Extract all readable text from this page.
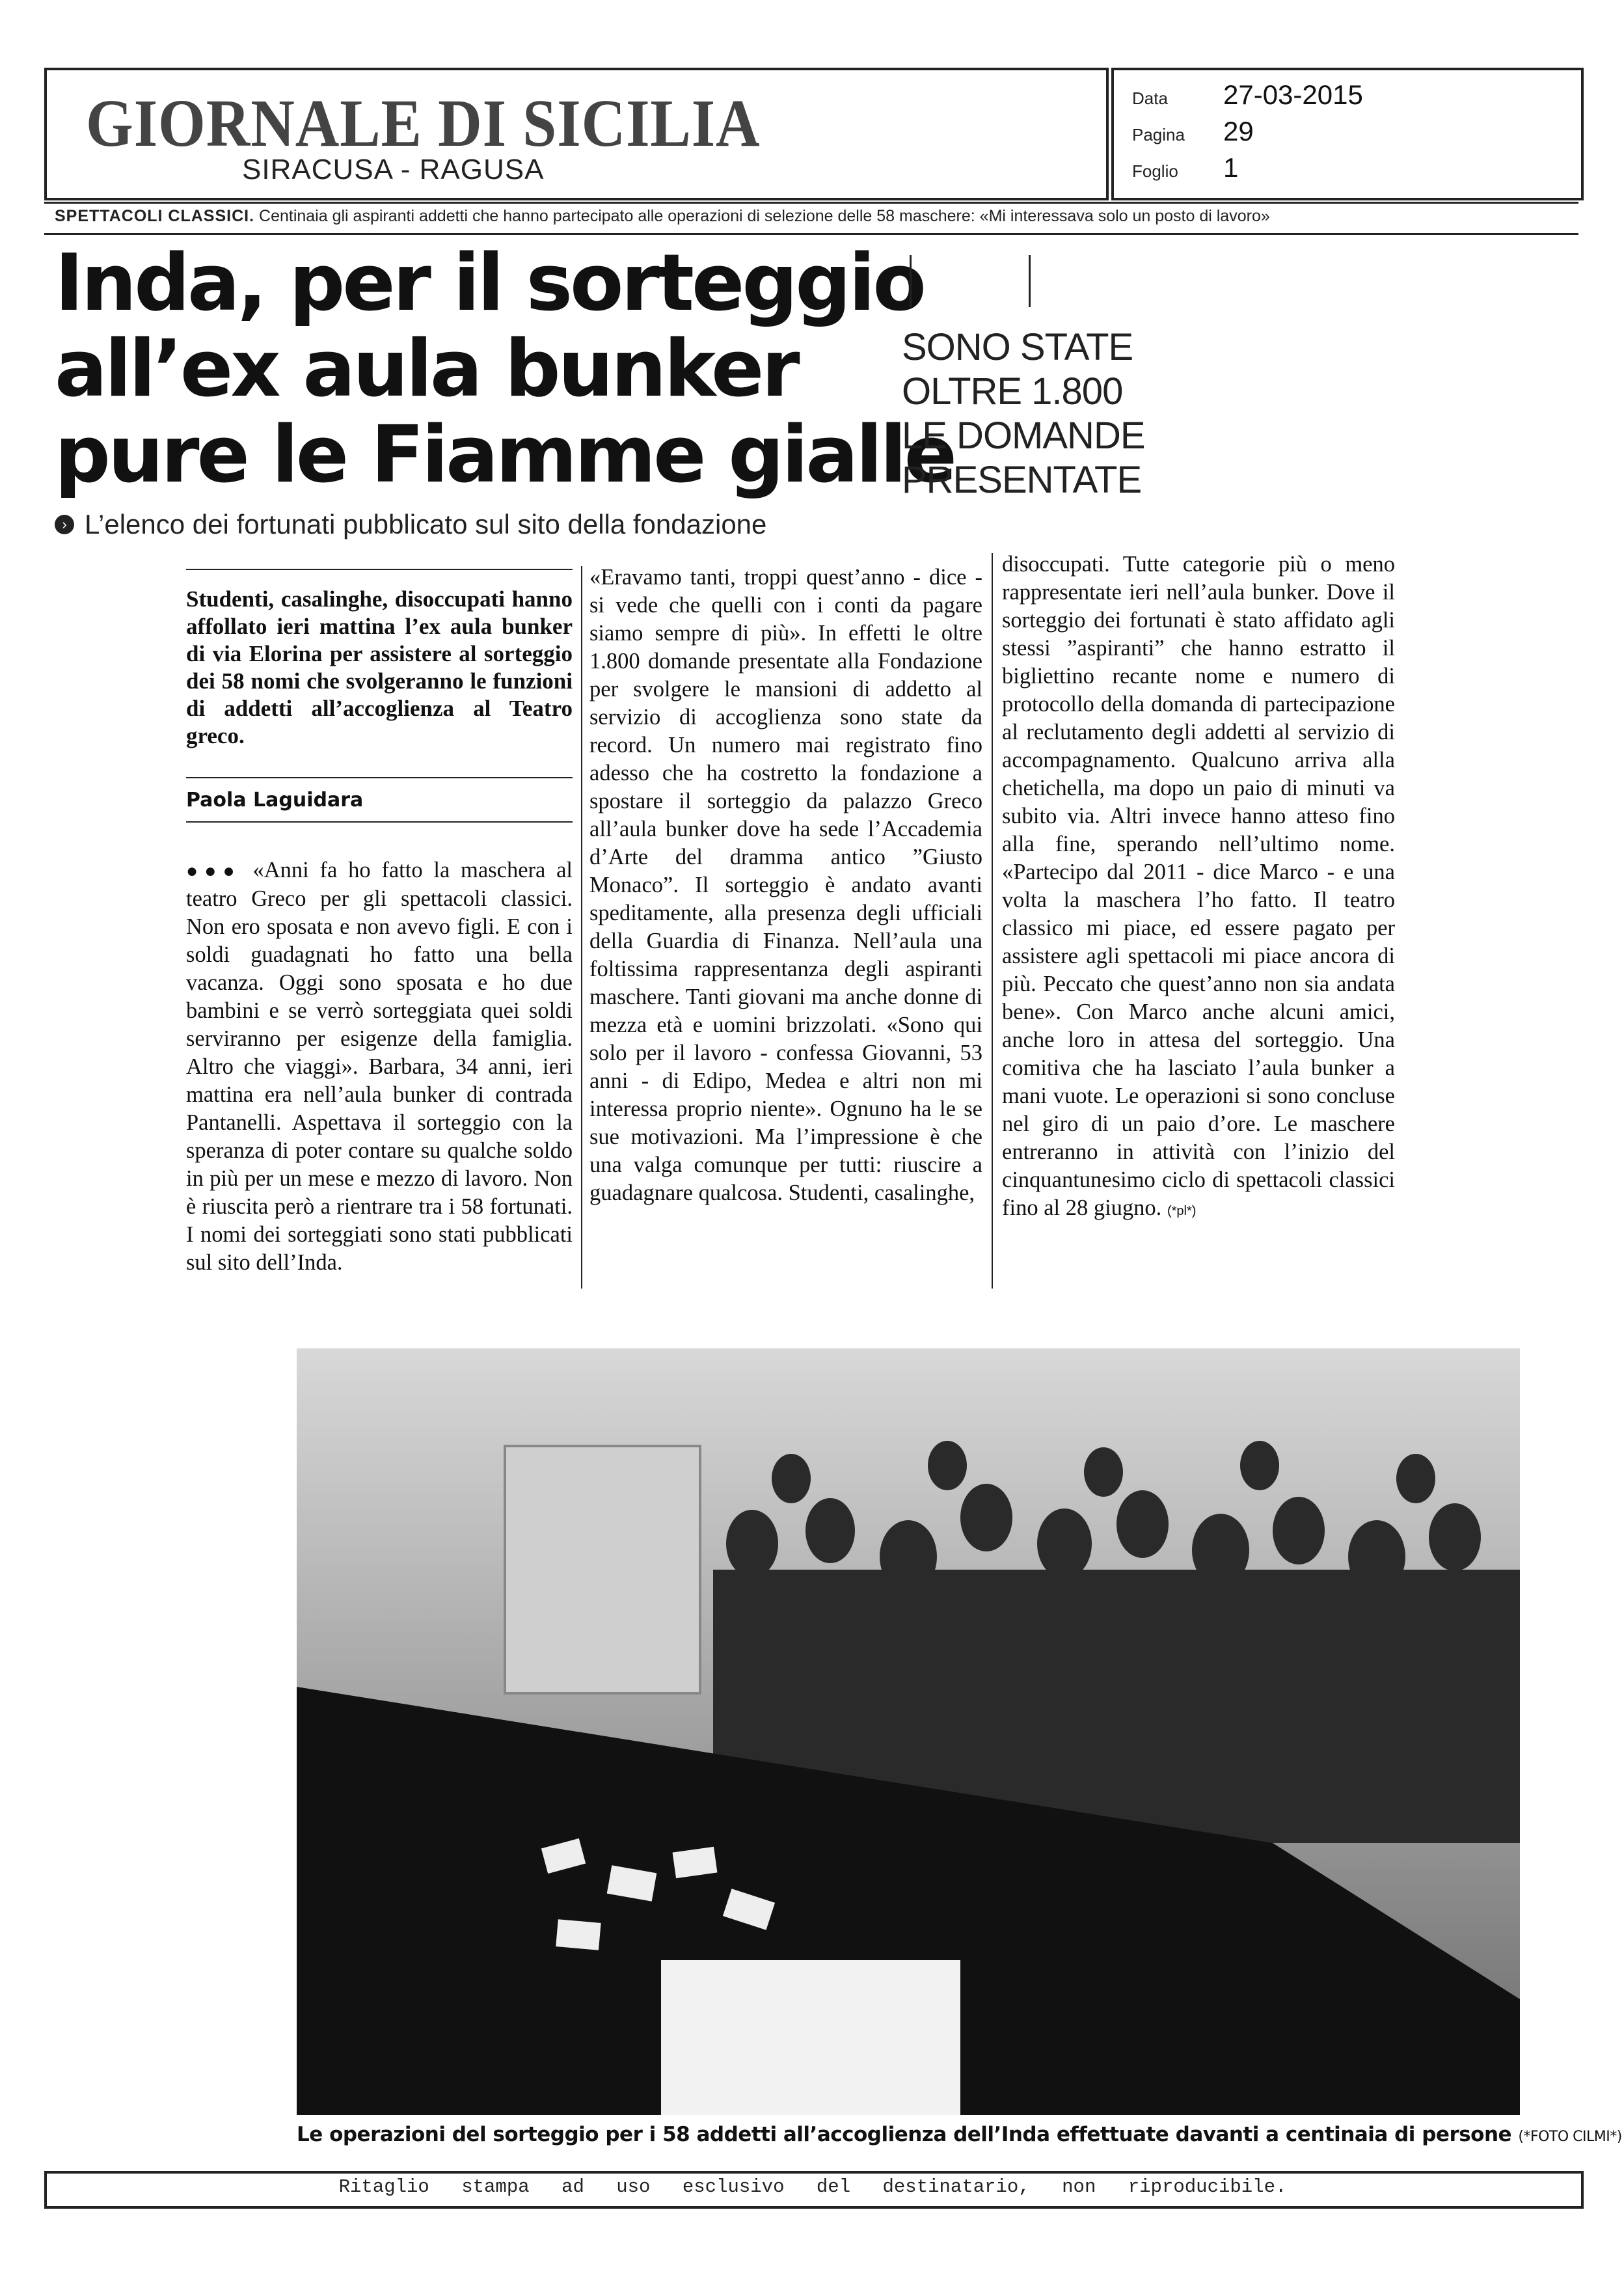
GIORNALE DI SICILIA
SIRACUSA - RAGUSA
Data	27-03-2015
Pagina	29
Foglio	1
SPETTACOLI CLASSICI. Centinaia gli aspiranti addetti che hanno partecipato alle operazioni di selezione delle 58 maschere: «Mi interessava solo un posto di lavoro»
Inda, per il sorteggio
all’ex aula bunker
pure le Fiamme gialle
SONO STATE
OLTRE 1.800
LE DOMANDE
PRESENTATE
› L’elenco dei fortunati pubblicato sul sito della fondazione
Studenti, casalinghe, disoccupati hanno affollato ieri mattina l’ex aula bunker di via Elorina per assistere al sorteggio dei 58 nomi che svolgeranno le funzioni di addetti all’accoglienza al Teatro greco.
Paola Laguidara
●●● «Anni fa ho fatto la maschera al teatro Greco per gli spettacoli classici. Non ero sposata e non avevo figli. E con i soldi guadagnati ho fatto una bella vacanza. Oggi sono sposata e ho due bambini e se verrò sorteggiata quei soldi serviranno per esigenze della famiglia. Altro che viaggi». Barbara, 34 anni, ieri mattina era nell’aula bunker di contrada Pantanelli. Aspettava il sorteggio con la speranza di poter contare su qualche soldo in più per un mese e mezzo di lavoro. Non è riuscita però a rientrare tra i 58 fortunati. I nomi dei sorteggiati sono stati pubblicati sul sito dell’Inda.
«Eravamo tanti, troppi quest’anno - dice - si vede che quelli con i conti da pagare siamo sempre di più». In effetti le oltre 1.800 domande presentate alla Fondazione per svolgere le mansioni di addetto al servizio di accoglienza sono state da record. Un numero mai registrato fino adesso che ha costretto la fondazione a spostare il sorteggio da palazzo Greco all’aula bunker dove ha sede l’Accademia d’Arte del dramma antico ”Giusto Monaco”. Il sorteggio è andato avanti speditamente, alla presenza degli ufficiali della Guardia di Finanza. Nell’aula una foltissima rappresentanza degli aspiranti maschere. Tanti giovani ma anche donne di mezza età e uomini brizzolati. «Sono qui solo per il lavoro - confessa Giovanni, 53 anni - di Edipo, Medea e altri non mi interessa proprio niente». Ognuno ha le se sue motivazioni. Ma l’impressione è che una valga comunque per tutti: riuscire a guadagnare qualcosa. Studenti, casalinghe,
disoccupati. Tutte categorie più o meno rappresentate ieri nell’aula bunker. Dove il sorteggio dei fortunati è stato affidato agli stessi ”aspiranti” che hanno estratto il bigliettino recante nome e numero di protocollo della domanda di partecipazione al reclutamento degli addetti al servizio di accompagnamento. Qualcuno arriva alla chetichella, ma dopo un paio di minuti va subito via. Altri invece hanno atteso fino alla fine, sperando nell’ultimo nome. «Partecipo dal 2011 - dice Marco - e una volta la maschera l’ho fatto. Il teatro classico mi piace, ed essere pagato per assistere agli spettacoli mi piace ancora di più. Peccato che quest’anno non sia andata bene». Con Marco anche alcuni amici, anche loro in attesa del sorteggio. Una comitiva che ha lasciato l’aula bunker a mani vuote. Le operazioni si sono concluse nel giro di un paio d’ore. Le maschere entreranno in attività con l’inizio del cinquantunesimo ciclo di spettacoli classici fino al 28 giugno. (*pl*)
Le operazioni del sorteggio per i 58 addetti all’accoglienza dell’Inda effettuate davanti a centinaia di persone (*FOTO CILMI*)
Ritaglio stampa ad uso esclusivo del destinatario, non riproducibile.
